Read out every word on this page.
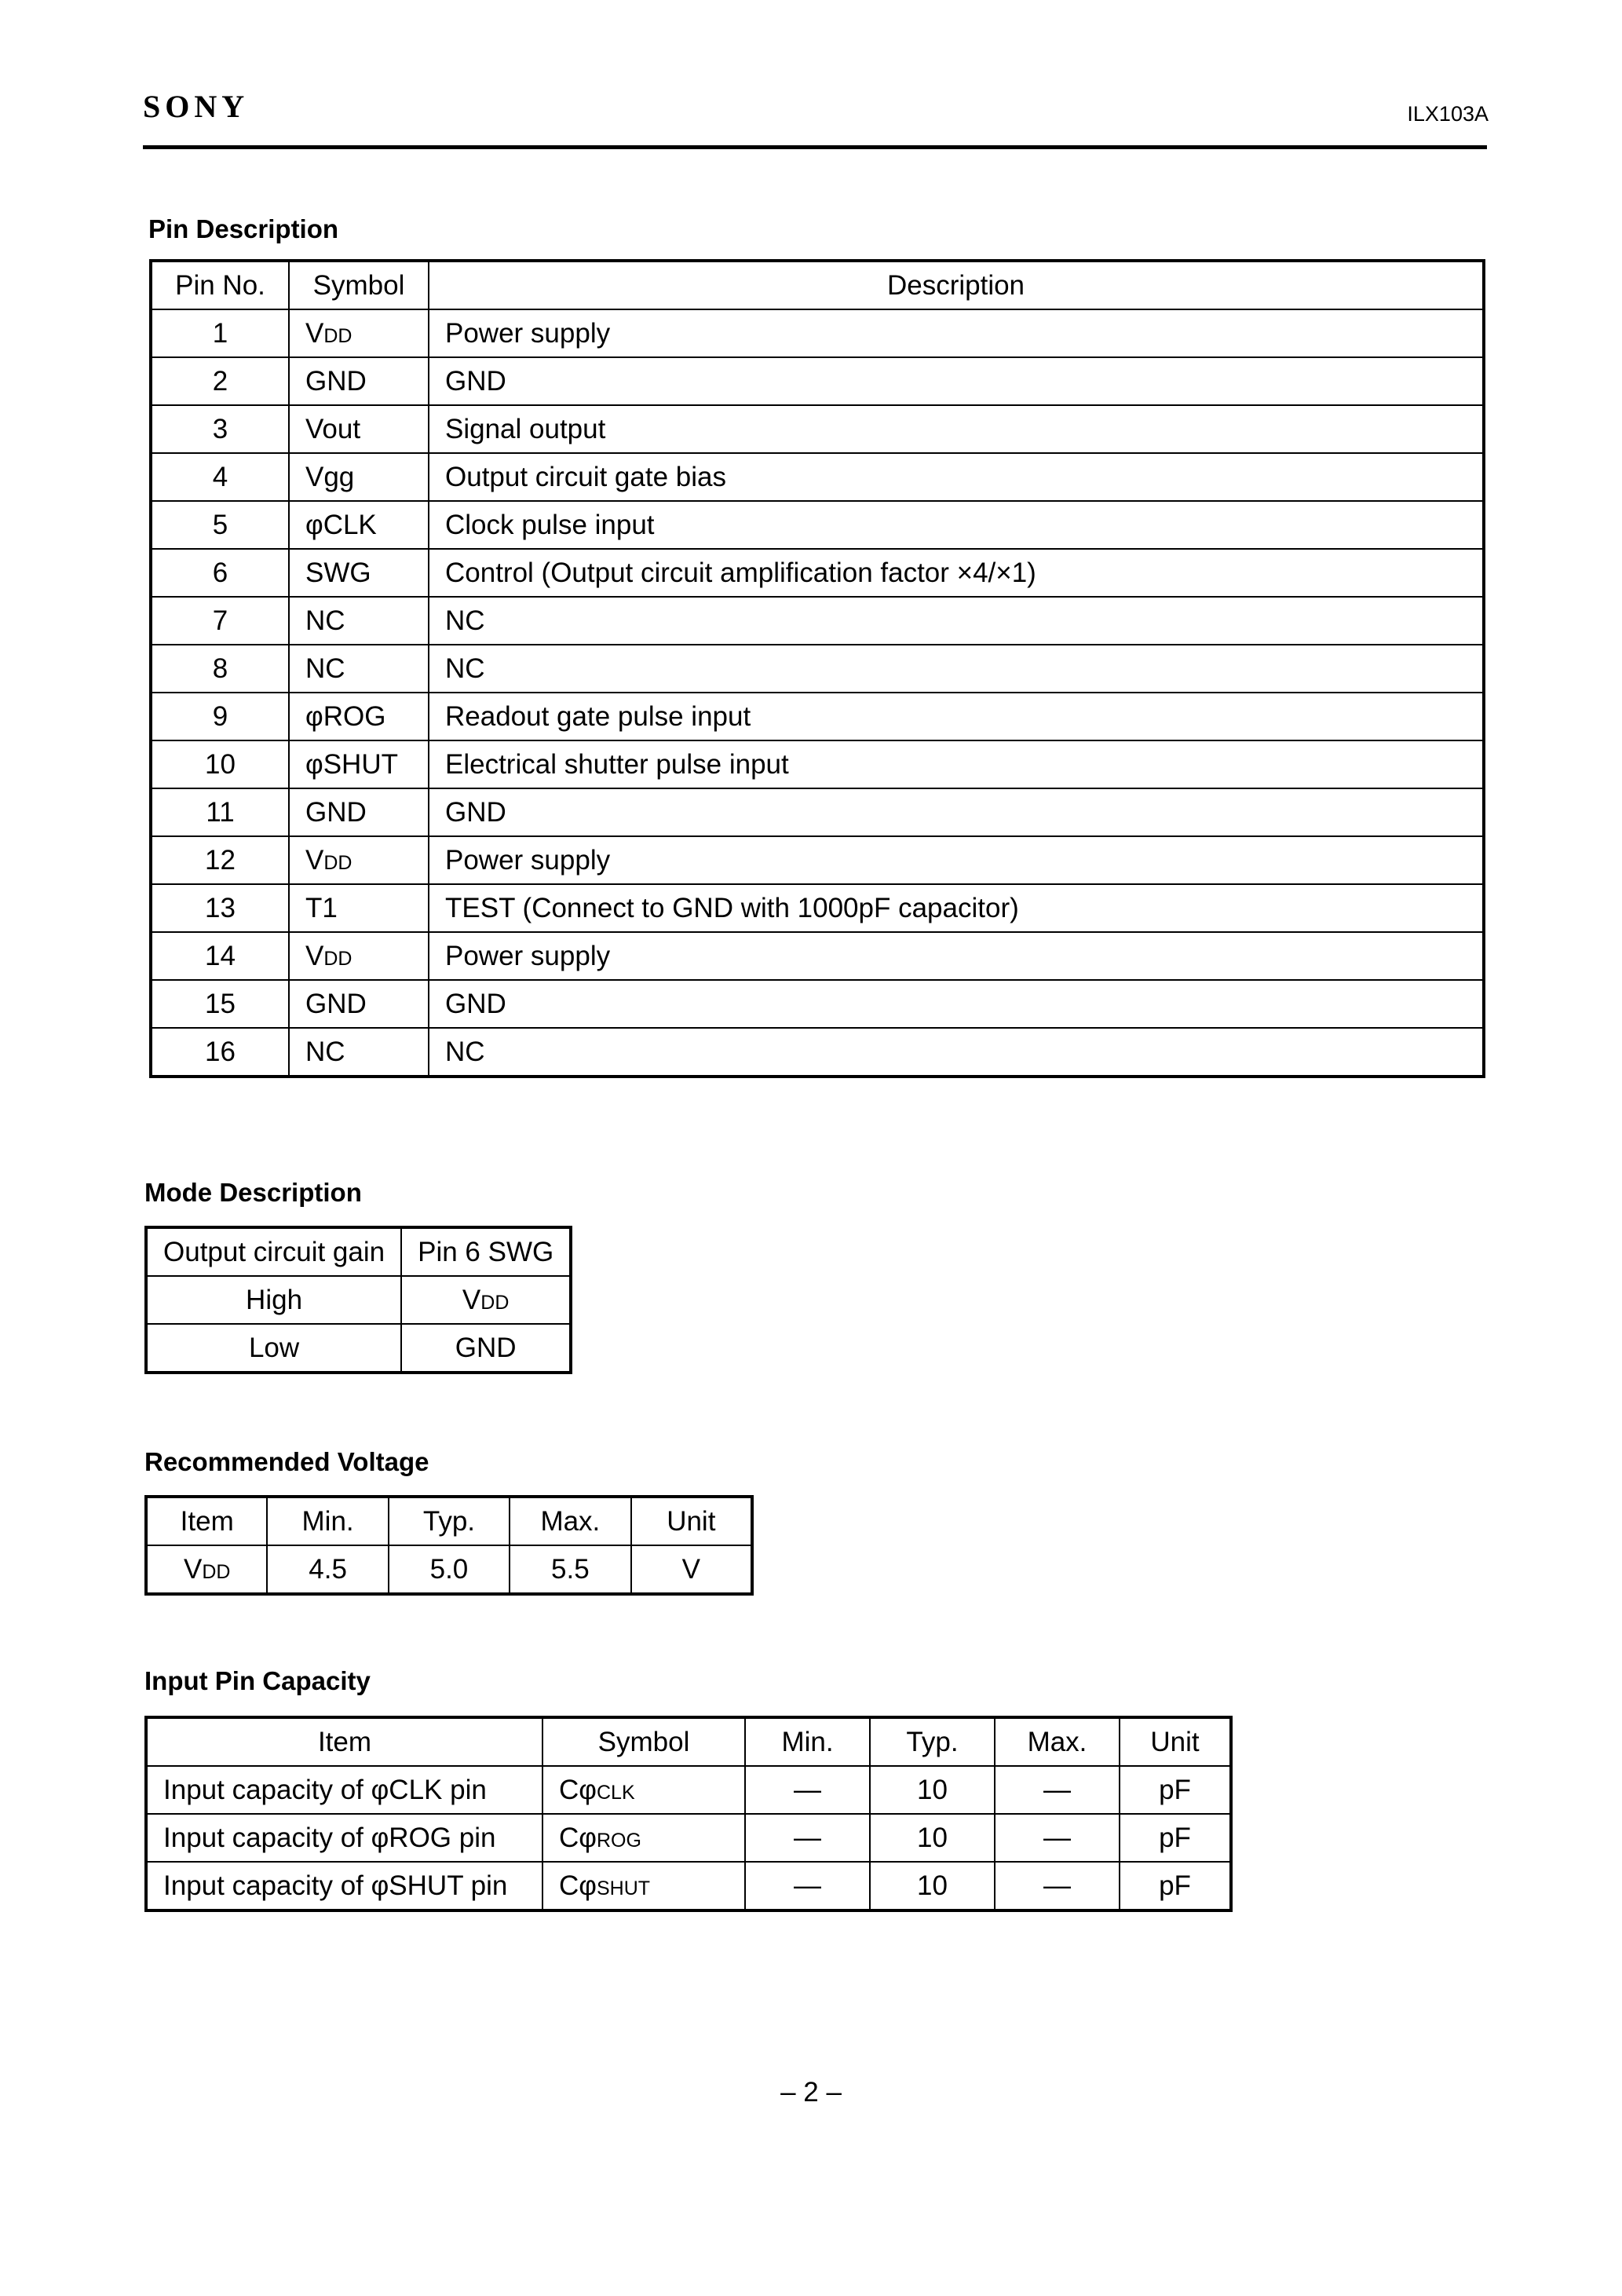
SONY	ILX103A
Pin Description
Pin No.	Symbol	Description
1	VDD	Power supply
2	GND	GND
3	Vout	Signal output
4	Vgg	Output circuit gate bias
5	φCLK	Clock pulse input
6	SWG	Control (Output circuit amplification factor ×4/×1)
7	NC	NC
8	NC	NC
9	φROG	Readout gate pulse input
10	φSHUT	Electrical shutter pulse input
11	GND	GND
12	VDD	Power supply
13	T1	TEST (Connect to GND with 1000pF capacitor)
14	VDD	Power supply
15	GND	GND
16	NC	NC
Mode Description
Output circuit gain	Pin 6 SWG
High	VDD
Low	GND
Recommended Voltage
Item	Min.	Typ.	Max.	Unit
VDD	4.5	5.0	5.5	V
Input Pin Capacity
Item	Symbol	Min.	Typ.	Max.	Unit
Input capacity of φCLK pin	CφCLK	—	10	—	pF
Input capacity of φROG pin	CφROG	—	10	—	pF
Input capacity of φSHUT pin	CφSHUT	—	10	—	pF
– 2 –
